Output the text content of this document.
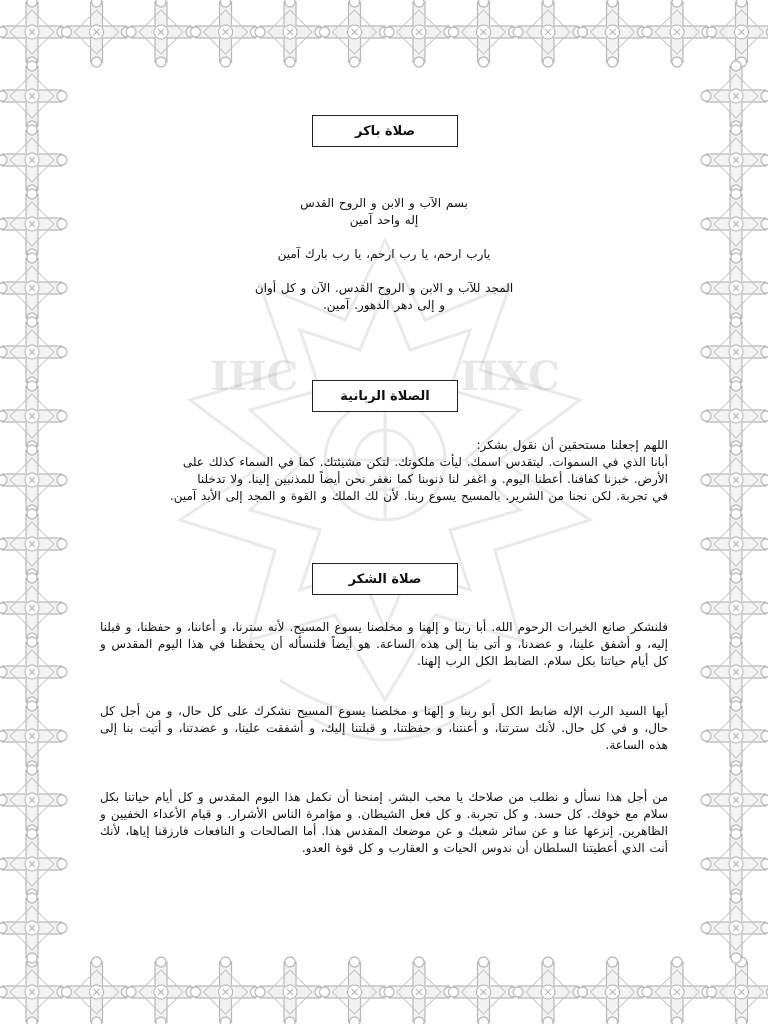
IHC	ΠXC
صلاة باكر
بسم الآب و الابن و الروح القدس
إله واحد آمين
يارب ارحم، يا رب ارحم، يا رب بارك آمين
المجد للآب و الابن و الروح القدس. الآن و كل أوان
و إلى دهر الدهور. آمين.
الصلاة الربانية
اللهم إجعلنا مستحقين أن نقول بشكر:
أبانا الذي في السموات. ليتقدس اسمك. ليأت ملكوتك. لتكن مشيئتك. كما في السماء كذلك على
الأرض. خبزنا كفافنا. أعطنا اليوم. و اغفر لنا ذنوبنا كما نغفر نحن أيضاً للمذنبين إلينا. ولا تدخلنا
في تجربة. لكن نجنا من الشرير. بالمسيح يسوع ربنا. لأن لك الملك و القوة و المجد إلى الأبد آمين.
صلاة الشكر
فلنشكر صانع الخيرات الرحوم الله. أبا ربنا و إلهنا و مخلصنا يسوع المسيح. لأنه سترنا، و أعاننا، و حفظنا، و قبلنا إليه، و أشفق علينا، و عضدنا، و أتى بنا إلى هذه الساعة. هو أيضاً فلنسأله أن يحفظنا في هذا اليوم المقدس و كل أيام حياتنا بكل سلام. الضابط الكل الرب إلهنا.
أيها السيد الرب الإله ضابط الكل أبو ربنا و إلهنا و مخلصنا يسوع المسيح نشكرك على كل حال، و من أجل كل حال، و في كل حال. لأنك سترتنا، و أعنتنا، و حفظتنا، و قبلتنا إليك، و أشفقت علينا، و عضدتنا، و أتيت بنا إلى هذه الساعة.
من أجل هذا نسأل و نطلب من صلاحك يا محب البشر. إمنحنا أن نكمل هذا اليوم المقدس و كل أيام حياتنا بكل سلام مع خوفك. كل حسد. و كل تجربة. و كل فعل الشيطان. و مؤامرة الناس الأشرار. و قيام الأعداء الخفيين و الظاهرين. إنزعها عنا و عن سائر شعبك و عن موضعك المقدس هذا. أما الصالحات و النافعات فارزقنا إياها، لأنك أنت الذي أعطيتنا السلطان أن ندوس الحيات و العقارب و كل قوة العدو.
